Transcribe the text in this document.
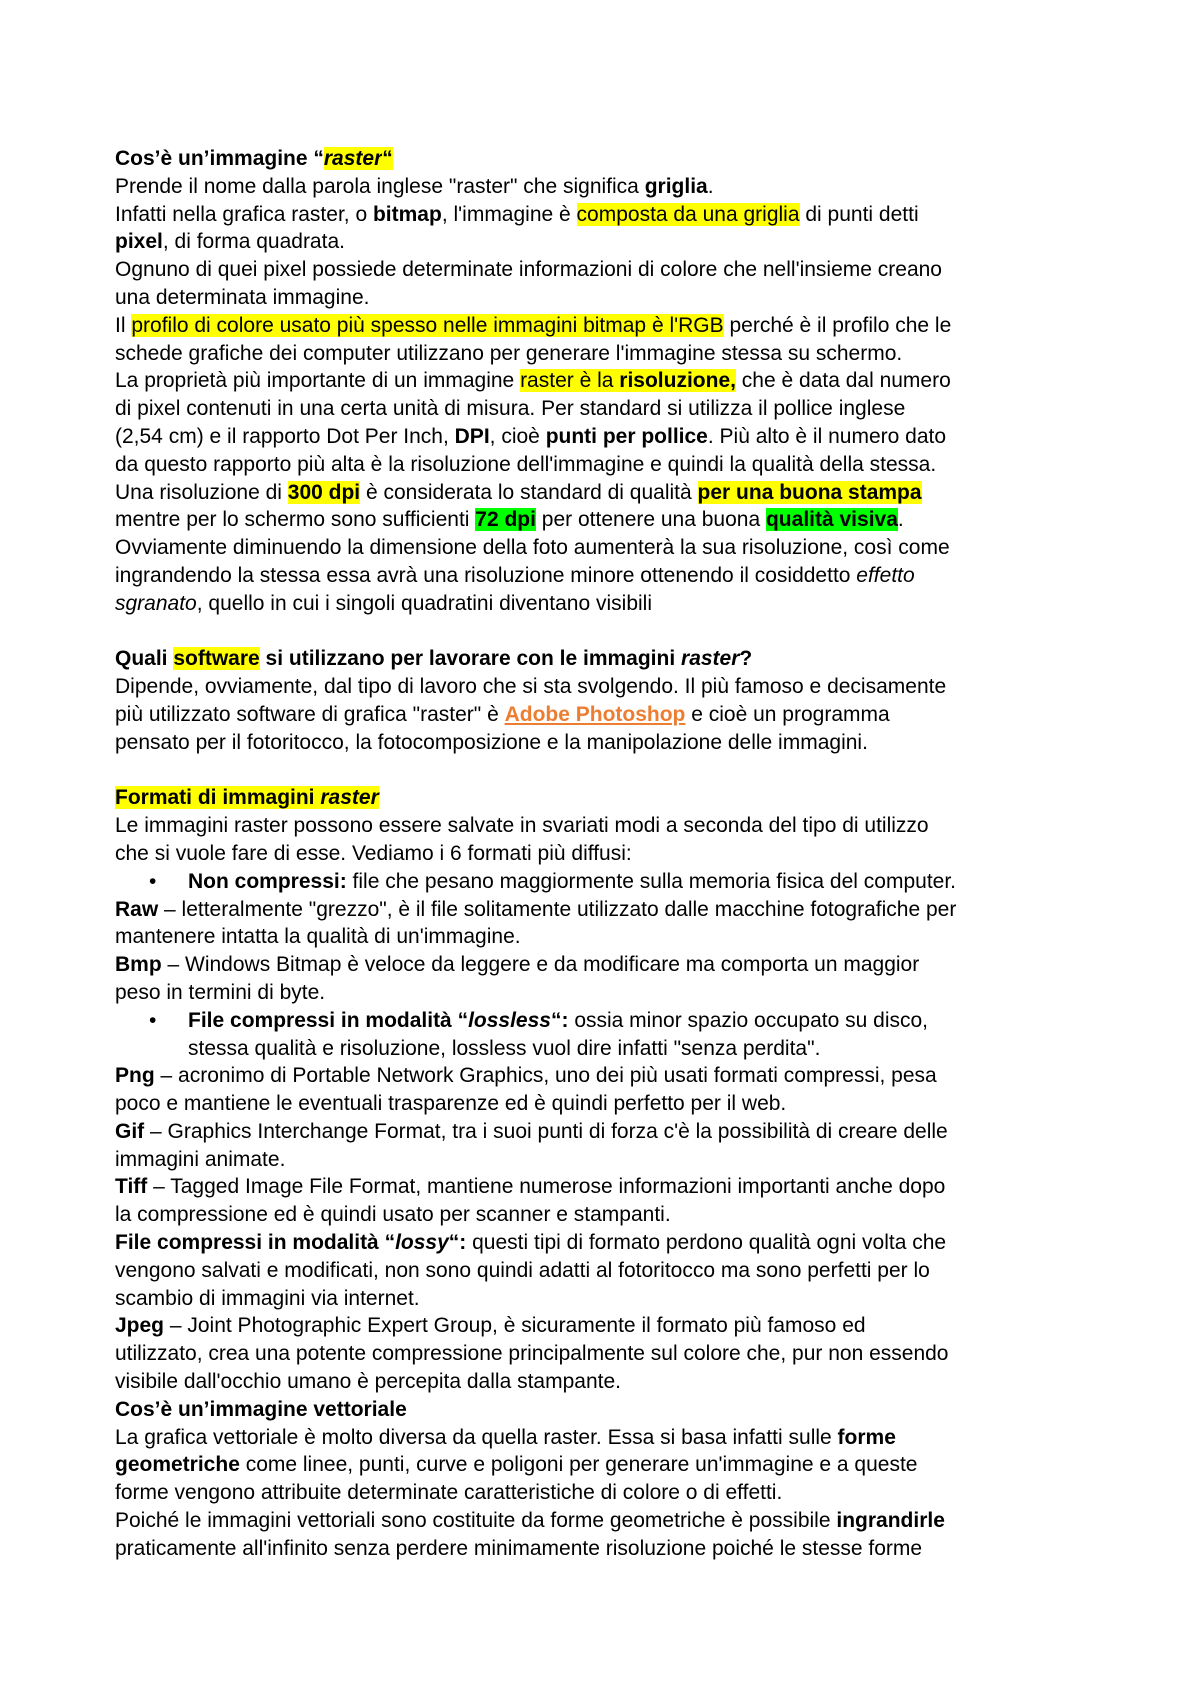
Cos’è un’immagine “raster“
Prende il nome dalla parola inglese "raster" che significa griglia.
Infatti nella grafica raster, o bitmap, l'immagine è composta da una griglia di punti detti
pixel, di forma quadrata.
Ognuno di quei pixel possiede determinate informazioni di colore che nell'insieme creano
una determinata immagine.
Il profilo di colore usato più spesso nelle immagini bitmap è l'RGB perché è il profilo che le
schede grafiche dei computer utilizzano per generare l'immagine stessa su schermo.
La proprietà più importante di un immagine raster è la risoluzione, che è data dal numero
di pixel contenuti in una certa unità di misura. Per standard si utilizza il pollice inglese
(2,54 cm) e il rapporto Dot Per Inch, DPI, cioè punti per pollice. Più alto è il numero dato
da questo rapporto più alta è la risoluzione dell'immagine e quindi la qualità della stessa.
Una risoluzione di 300 dpi è considerata lo standard di qualità per una buona stampa
mentre per lo schermo sono sufficienti 72 dpi per ottenere una buona qualità visiva.
Ovviamente diminuendo la dimensione della foto aumenterà la sua risoluzione, così come
ingrandendo la stessa essa avrà una risoluzione minore ottenendo il cosiddetto effetto
sgranato, quello in cui i singoli quadratini diventano visibili
Quali software si utilizzano per lavorare con le immagini raster?
Dipende, ovviamente, dal tipo di lavoro che si sta svolgendo. Il più famoso e decisamente
più utilizzato software di grafica "raster" è Adobe Photoshop e cioè un programma
pensato per il fotoritocco, la fotocomposizione e la manipolazione delle immagini.
Formati di immagini raster
Le immagini raster possono essere salvate in svariati modi a seconda del tipo di utilizzo
che si vuole fare di esse. Vediamo i 6 formati più diffusi:
• Non compressi: file che pesano maggiormente sulla memoria fisica del computer.
Raw – letteralmente "grezzo", è il file solitamente utilizzato dalle macchine fotografiche per
mantenere intatta la qualità di un'immagine.
Bmp – Windows Bitmap è veloce da leggere e da modificare ma comporta un maggior
peso in termini di byte.
• File compressi in modalità “lossless“: ossia minor spazio occupato su disco,
stessa qualità e risoluzione, lossless vuol dire infatti "senza perdita".
Png – acronimo di Portable Network Graphics, uno dei più usati formati compressi, pesa
poco e mantiene le eventuali trasparenze ed è quindi perfetto per il web.
Gif – Graphics Interchange Format, tra i suoi punti di forza c'è la possibilità di creare delle
immagini animate.
Tiff – Tagged Image File Format, mantiene numerose informazioni importanti anche dopo
la compressione ed è quindi usato per scanner e stampanti.
File compressi in modalità “lossy“: questi tipi di formato perdono qualità ogni volta che
vengono salvati e modificati, non sono quindi adatti al fotoritocco ma sono perfetti per lo
scambio di immagini via internet.
Jpeg – Joint Photographic Expert Group, è sicuramente il formato più famoso ed
utilizzato, crea una potente compressione principalmente sul colore che, pur non essendo
visibile dall'occhio umano è percepita dalla stampante.
Cos’è un’immagine vettoriale
La grafica vettoriale è molto diversa da quella raster. Essa si basa infatti sulle forme
geometriche come linee, punti, curve e poligoni per generare un'immagine e a queste
forme vengono attribuite determinate caratteristiche di colore o di effetti.
Poiché le immagini vettoriali sono costituite da forme geometriche è possibile ingrandirle
praticamente all'infinito senza perdere minimamente risoluzione poiché le stesse forme
